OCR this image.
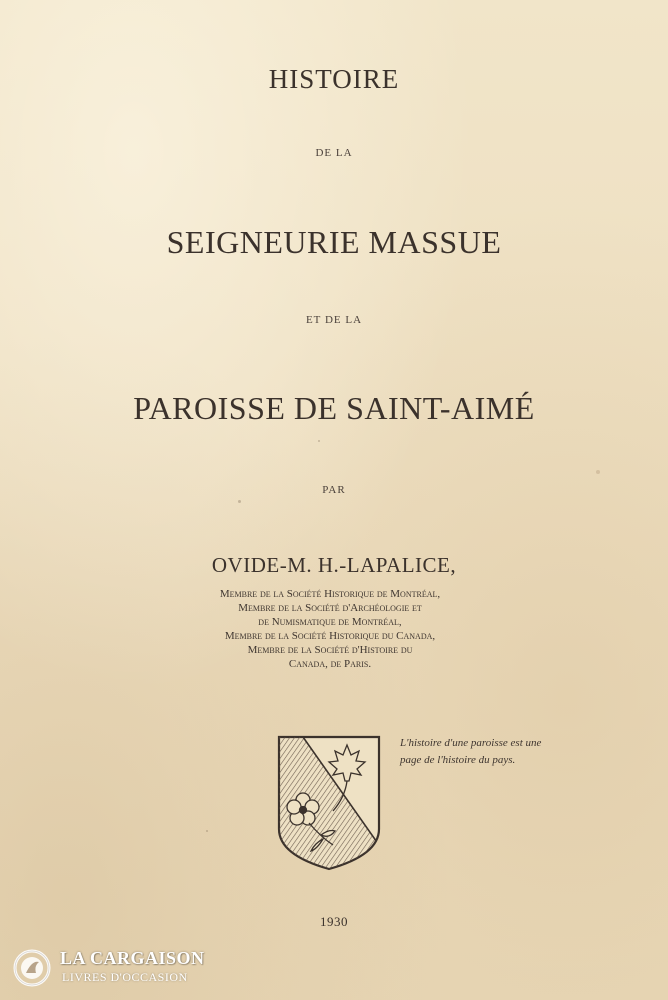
HISTOIRE
DE LA
SEIGNEURIE MASSUE
ET DE LA
PAROISSE DE SAINT-AIMÉ
PAR
OVIDE-M. H.-LAPALICE,
Membre de la Société Historique de Montréal,
Membre de la Société d'Archéologie et
de Numismatique de Montréal,
Membre de la Société Historique du Canada,
Membre de la Société d'Histoire du
Canada, de Paris.
L'histoire d'une paroisse est une
page de l'histoire du pays.
1930
LA CARGAISON
LIVRES D'OCCASION
